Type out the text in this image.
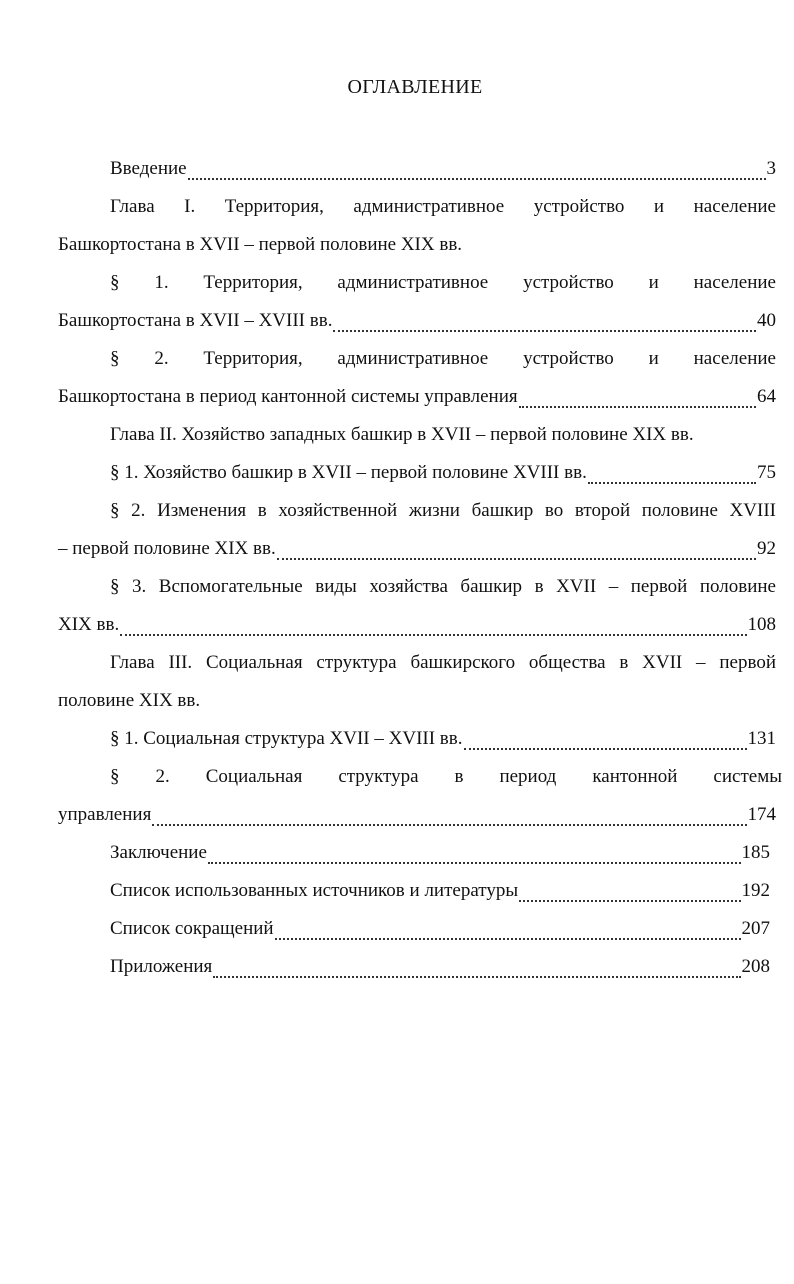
ОГЛАВЛЕНИЕ
Введение	3
Глава I. Территория, административное устройство и население
Башкортостана в XVII – первой половине XIX вв.
§ 1. Территория, административное устройство и население
Башкортостана в XVII – XVIII вв.	40
§ 2. Территория, административное устройство и население
Башкортостана в период кантонной системы управления	64
Глава II. Хозяйство западных башкир в XVII – первой половине XIX вв.
§ 1. Хозяйство башкир в XVII – первой половине XVIII вв.	75
§ 2. Изменения в хозяйственной жизни башкир во второй половине XVIII
– первой половине XIX вв.	92
§ 3. Вспомогательные виды хозяйства башкир в XVII – первой половине
XIX вв.	108
Глава III. Социальная структура башкирского общества в XVII – первой
половине XIX вв.
§ 1. Социальная структура XVII – XVIII вв.	131
§ 2. Социальная структура в период кантонной системы
управления	174
Заключение	185
Список использованных источников и литературы	192
Список сокращений	207
Приложения	208
